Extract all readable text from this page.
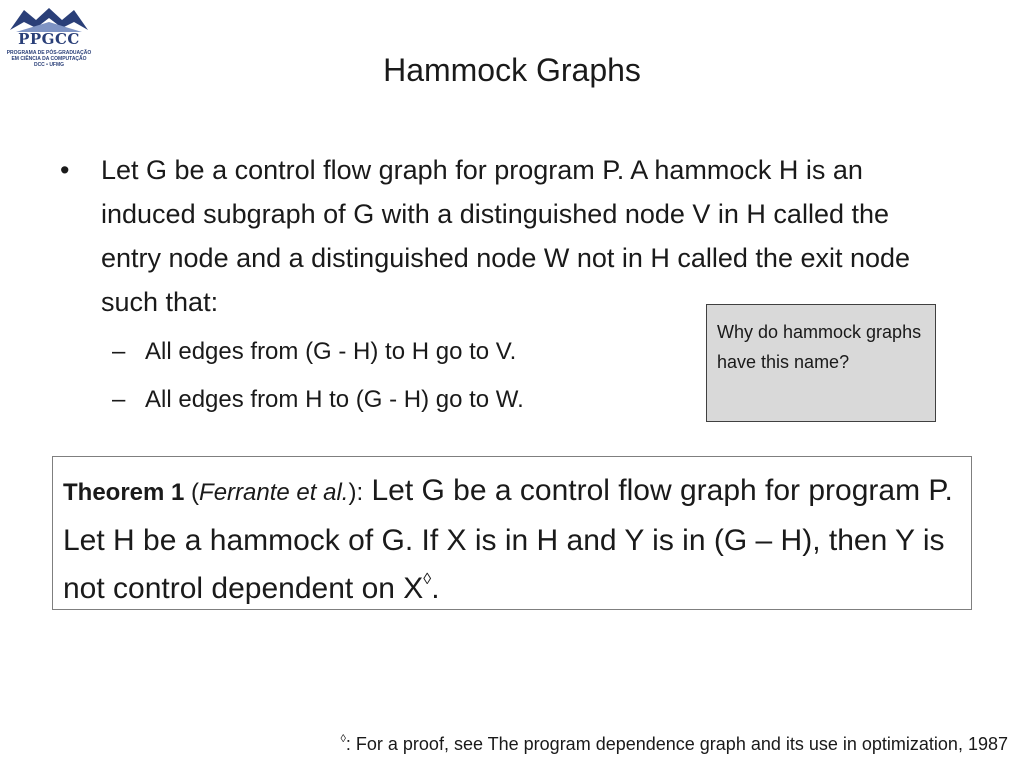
PPGCC
PROGRAMA DE PÓS-GRADUAÇÃO
EM CIÊNCIA DA COMPUTAÇÃO
DCC • UFMG	Hammock Graphs
• Let G be a control flow graph for program P. A hammock H is an induced subgraph of G with a distinguished node V in H called the entry node and a distinguished node W not in H called the exit node such that:
– All edges from (G - H) to H go to V.
– All edges from H to (G - H) go to W.
Why do hammock graphs have this name?
Theorem 1 (Ferrante et al.): Let G be a control flow graph for program P. Let H be a hammock of G. If X is in H and Y is in (G – H), then Y is not control dependent on X◊.
◊: For a proof, see The program dependence graph and its use in optimization, 1987
